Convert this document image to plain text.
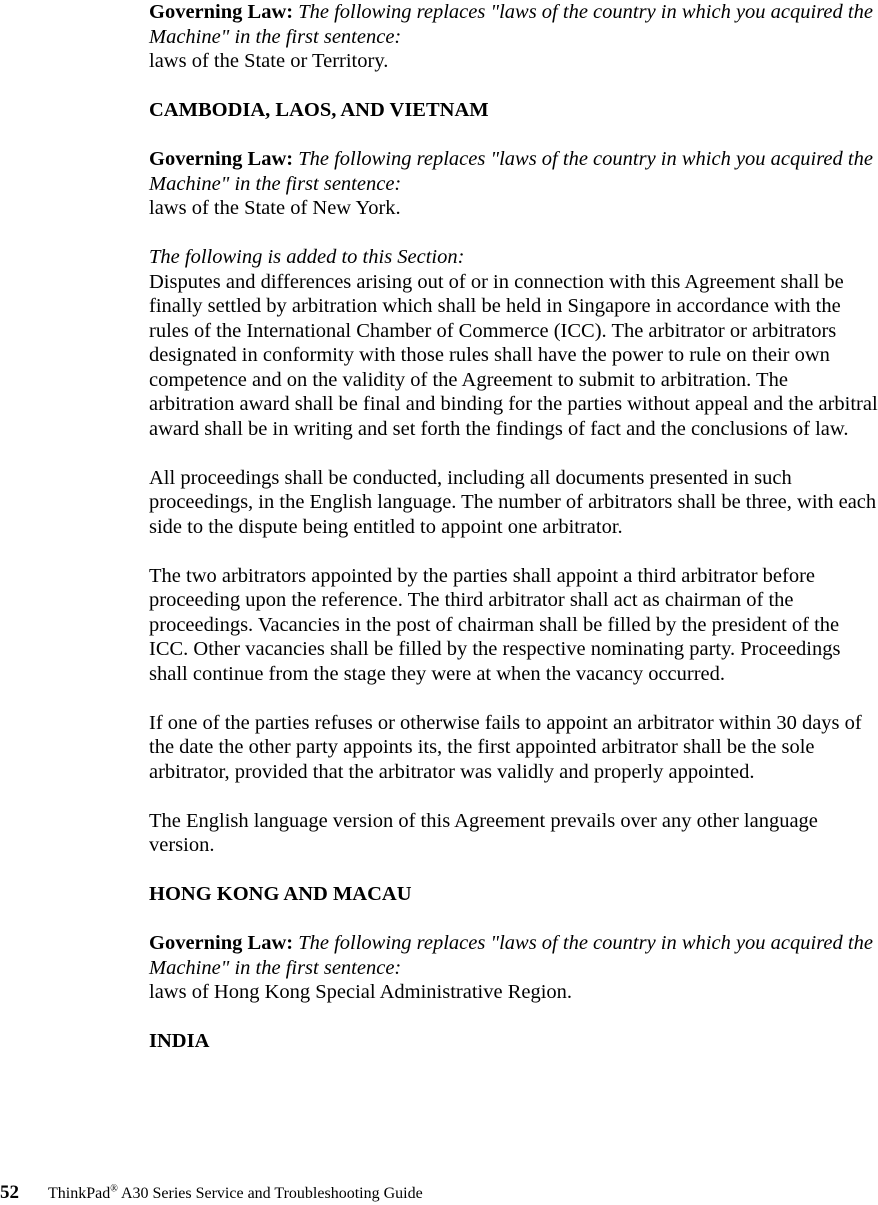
Governing Law: The following replaces "laws of the country in which you acquired the Machine" in the first sentence:

laws of the State or Territory.

CAMBODIA, LAOS, AND VIETNAM

Governing Law: The following replaces "laws of the country in which you acquired the Machine" in the first sentence:

laws of the State of New York.

The following is added to this Section:

Disputes and differences arising out of or in connection with this Agreement shall be finally settled by arbitration which shall be held in Singapore in accordance with the rules of the International Chamber of Commerce (ICC). The arbitrator or arbitrators designated in conformity with those rules shall have the power to rule on their own competence and on the validity of the Agreement to submit to arbitration. The arbitration award shall be final and binding for the parties without appeal and the arbitral award shall be in writing and set forth the findings of fact and the conclusions of law.

All proceedings shall be conducted, including all documents presented in such proceedings, in the English language. The number of arbitrators shall be three, with each side to the dispute being entitled to appoint one arbitrator.

The two arbitrators appointed by the parties shall appoint a third arbitrator before proceeding upon the reference. The third arbitrator shall act as chairman of the proceedings. Vacancies in the post of chairman shall be filled by the president of the ICC. Other vacancies shall be filled by the respective nominating party. Proceedings shall continue from the stage they were at when the vacancy occurred.

If one of the parties refuses or otherwise fails to appoint an arbitrator within 30 days of the date the other party appoints its, the first appointed arbitrator shall be the sole arbitrator, provided that the arbitrator was validly and properly appointed.

The English language version of this Agreement prevails over any other language version.

HONG KONG AND MACAU

Governing Law: The following replaces "laws of the country in which you acquired the Machine" in the first sentence:

laws of Hong Kong Special Administrative Region.

INDIA

52 ThinkPad® A30 Series Service and Troubleshooting Guide
